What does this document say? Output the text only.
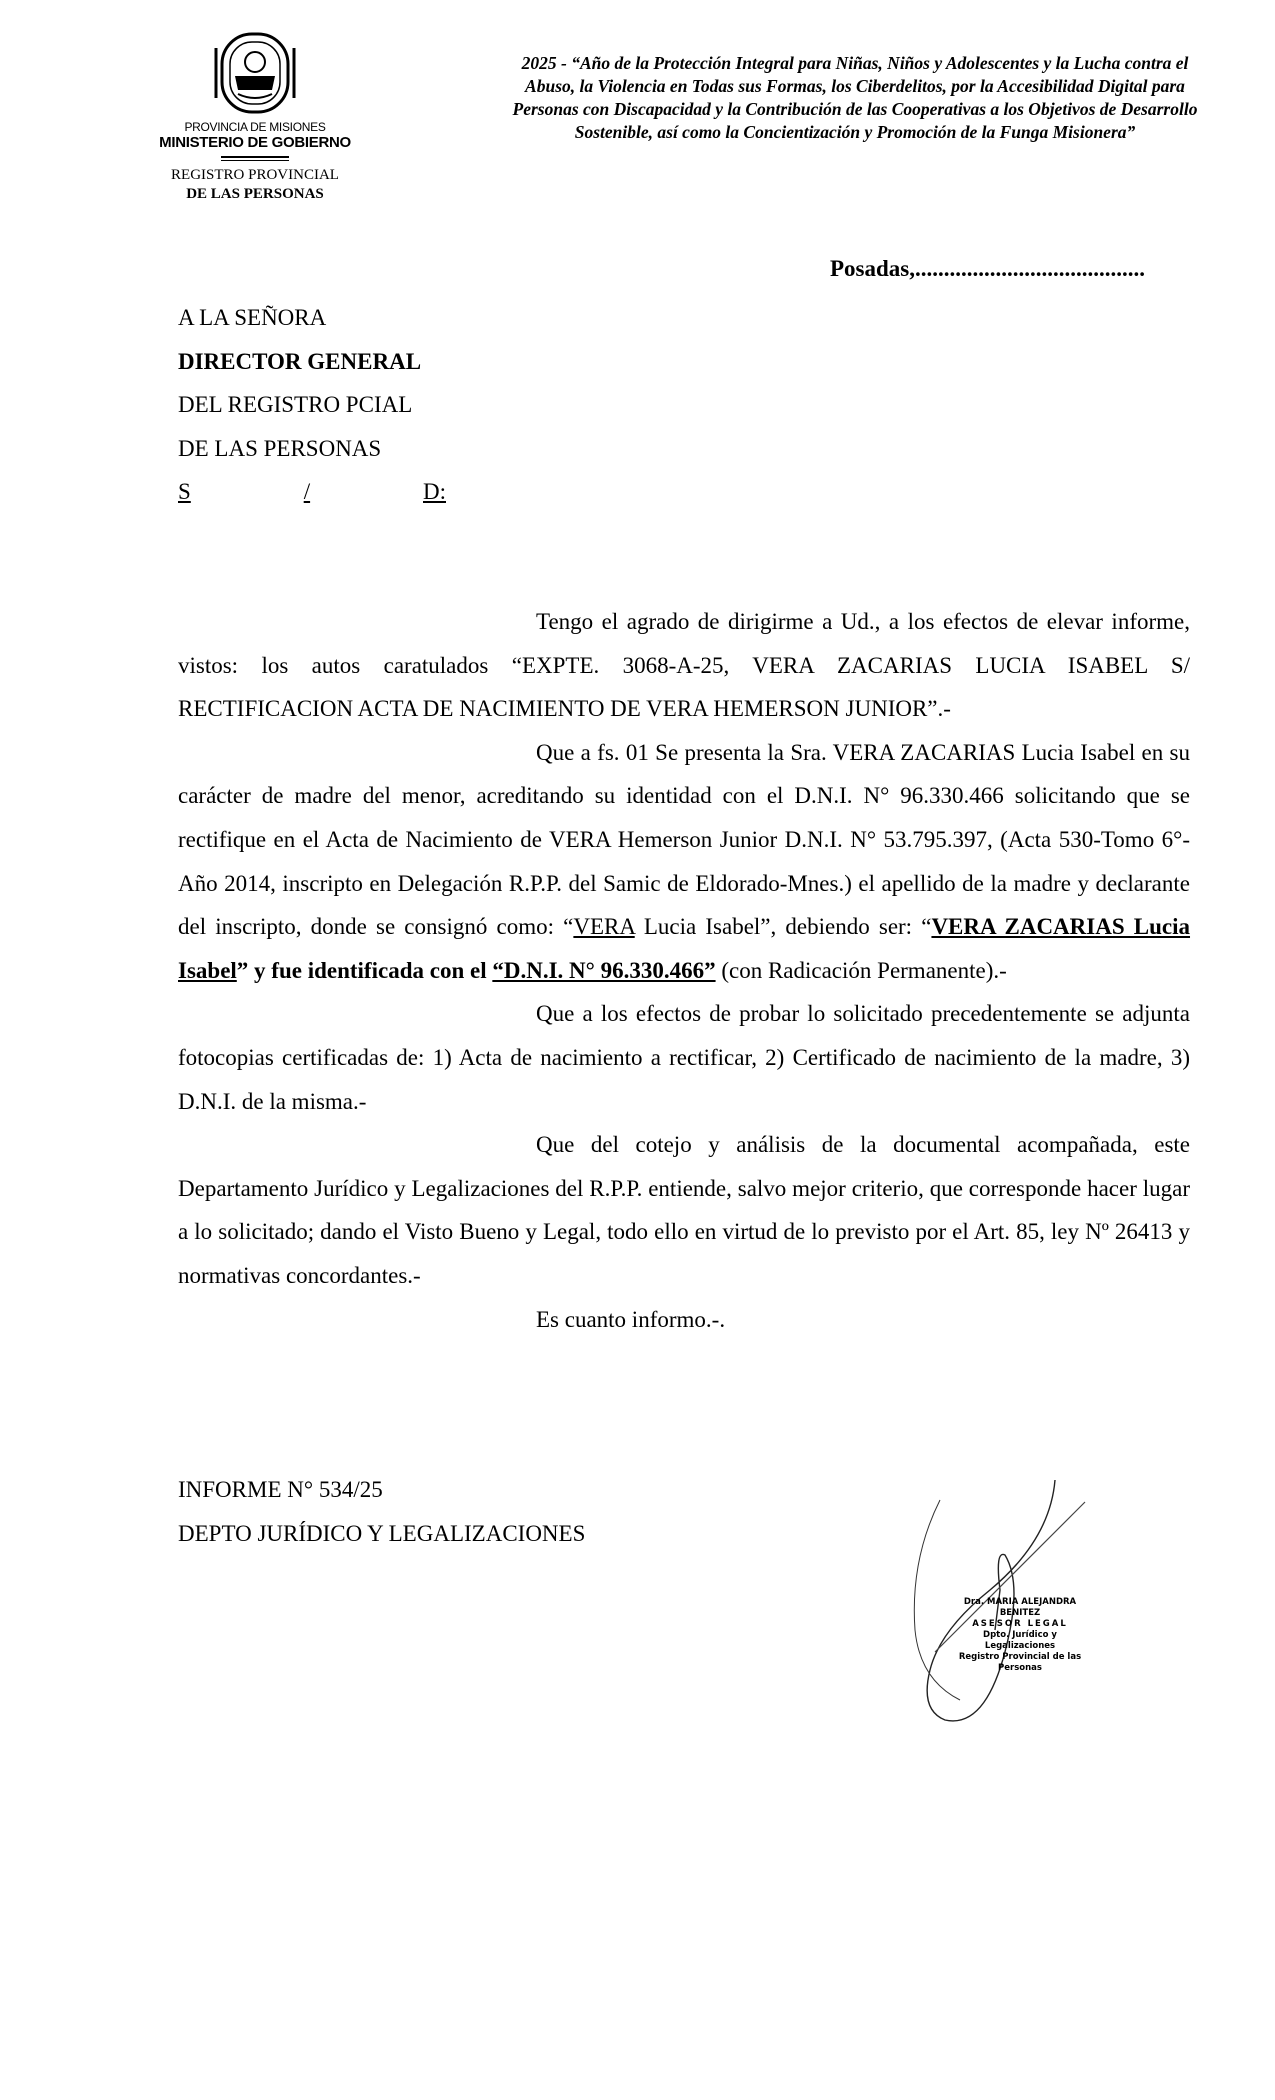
PROVINCIA DE MISIONES
MINISTERIO DE GOBIERNO
REGISTRO PROVINCIAL
DE LAS PERSONAS
2025 - “Año de la Protección Integral para Niñas, Niños y Adolescentes y la Lucha contra el Abuso, la Violencia en Todas sus Formas, los Ciberdelitos, por la Accesibilidad Digital para Personas con Discapacidad y la Contribución de las Cooperativas a los Objetivos de Desarrollo Sostenible, así como la Concientización y Promoción de la Funga Misionera”
Posadas,........................................
A LA SEÑORA
DIRECTOR GENERAL
DEL REGISTRO PCIAL
DE LAS PERSONAS
S	/	D:

Tengo el agrado de dirigirme a Ud., a los efectos de elevar informe, vistos: los autos caratulados “EXPTE. 3068-A-25, VERA ZACARIAS LUCIA ISABEL S/ RECTIFICACION ACTA DE NACIMIENTO DE VERA HEMERSON JUNIOR”.-

Que a fs. 01 Se presenta la Sra. VERA ZACARIAS Lucia Isabel en su carácter de madre del menor, acreditando su identidad con el D.N.I. N° 96.330.466 solicitando que se rectifique en el Acta de Nacimiento de VERA Hemerson Junior D.N.I. N° 53.795.397, (Acta 530-Tomo 6°-Año 2014, inscripto en Delegación R.P.P. del Samic de Eldorado-Mnes.) el apellido de la madre y declarante del inscripto, donde se consignó como: “VERA Lucia Isabel”, debiendo ser: “VERA ZACARIAS Lucia Isabel” y fue identificada con el “D.N.I. N° 96.330.466” (con Radicación Permanente).-

Que a los efectos de probar lo solicitado precedentemente se adjunta fotocopias certificadas de: 1) Acta de nacimiento a rectificar, 2) Certificado de nacimiento de la madre, 3) D.N.I. de la misma.-

Que del cotejo y análisis de la documental acompañada, este Departamento Jurídico y Legalizaciones del R.P.P. entiende, salvo mejor criterio, que corresponde hacer lugar a lo solicitado; dando el Visto Bueno y Legal, todo ello en virtud de lo previsto por el Art. 85, ley Nº 26413 y normativas concordantes.-

Es cuanto informo.-.

INFORME N° 534/25
DEPTO JURÍDICO Y LEGALIZACIONES
Dra. MARIA ALEJANDRA BENITEZ
ASESOR LEGAL
Dpto. Jurídico y Legalizaciones
Registro Provincial de las Personas
